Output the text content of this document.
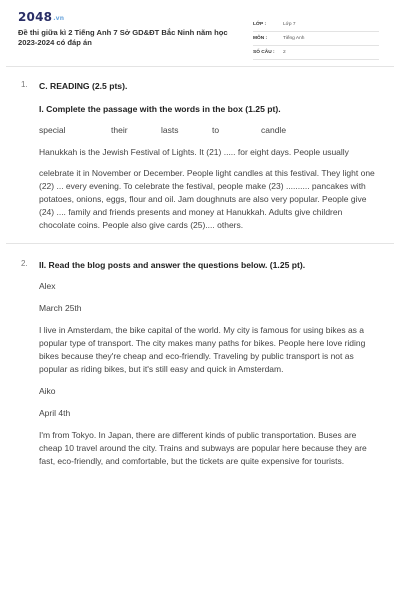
2048.vn
Đề thi giữa kì 2 Tiếng Anh 7 Sở GD&ĐT Bắc Ninh năm học 2023-2024 có đáp án
LỚP :	Lớp 7
MÔN :	Tiếng Anh
SỐ CÂU :	2
1. C. READING (2.5 pts).
I. Complete the passage with the words in the box (1.25 pt).
special	their	lasts	to	candle
Hanukkah is the Jewish Festival of Lights. It (21) ..... for eight days. People usually
celebrate it in November or December. People light candles at this festival. They light one (22) ... every evening. To celebrate the festival, people make (23) .......... pancakes with potatoes, onions, eggs, flour and oil. Jam doughnuts are also very popular. People give (24) .... family and friends presents and money at Hanukkah. Adults give children chocolate coins. People also give cards (25).... others.
2. II. Read the blog posts and answer the questions below. (1.25 pt).
Alex
March 25th
I live in Amsterdam, the bike capital of the world. My city is famous for using bikes as a popular type of transport. The city makes many paths for bikes. People here love riding bikes because they're cheap and eco-friendly. Traveling by public transport is not as popular as riding bikes, but it's still easy and quick in Amsterdam.
Aiko
April 4th
I'm from Tokyo. In Japan, there are different kinds of public transportation. Buses are cheap 10 travel around the city. Trains and subways are popular here because they are fast, eco-friendly, and comfortable, but the tickets are quite expensive for tourists.
